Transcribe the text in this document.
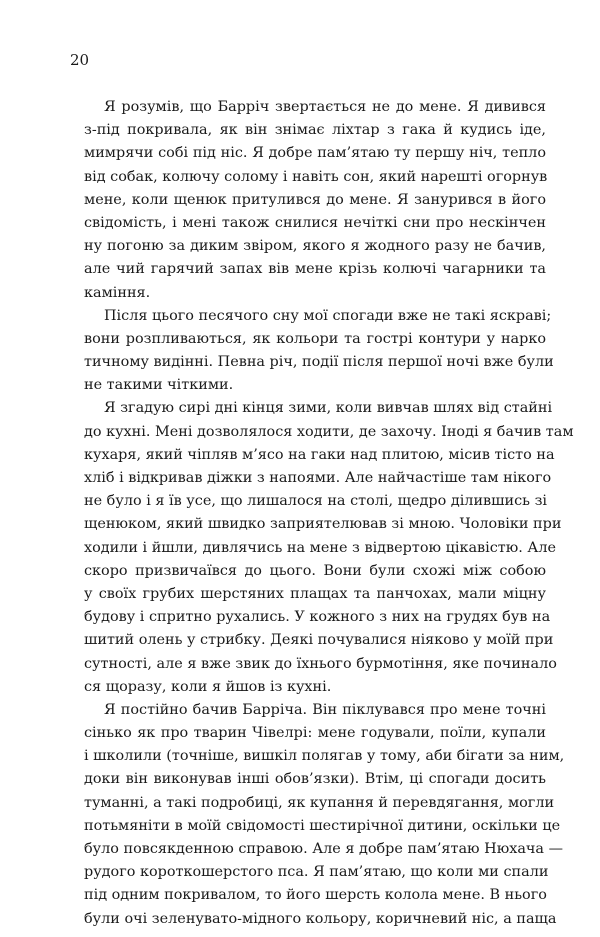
20
Я розумів, що Барріч звертається не до мене. Я дивився
з-під покривала, як він знімає ліхтар з гака й кудись іде,
мимрячи собі під ніс. Я добре пам’ятаю ту першу ніч, тепло
від собак, колючу солому і навіть сон, який нарешті огорнув
мене, коли щенюк притулився до мене. Я занурився в його
свідомість, і мені також снилися нечіткі сни про нескінчен
ну погоню за диким звіром, якого я жодного разу не бачив,
але чий гарячий запах вів мене крізь колючі чагарники та
каміння.
Після цього песячого сну мої спогади вже не такі яскраві;
вони розпливаються, як кольори та гострі контури у нарко
тичному видінні. Певна річ, події після першої ночі вже були
не такими чіткими.
Я згадую сирі дні кінця зими, коли вивчав шлях від стайні
до кухні. Мені дозволялося ходити, де захочу. Іноді я бачив там
кухаря, який чіпляв м’ясо на гаки над плитою, місив тісто на
хліб і відкривав діжки з напоями. Але найчастіше там нікого
не було і я їв усе, що лишалося на столі, щедро ділившись зі
щенюком, який швидко заприятелював зі мною. Чоловіки при
ходили і йшли, дивлячись на мене з відвертою цікавістю. Але
скоро призвичаївся до цього. Вони були схожі між собою
у своїх грубих шерстяних плащах та панчохах, мали міцну
будову і спритно рухались. У кожного з них на грудях був на
шитий олень у стрибку. Деякі почувалися ніяково у моїй при
сутності, але я вже звик до їхнього бурмотіння, яке починало
ся щоразу, коли я йшов із кухні.
Я постійно бачив Барріча. Він піклувався про мене точні
сінько як про тварин Чівелрі: мене годували, поїли, купали
і школили (точніше, вишкіл полягав у тому, аби бігати за ним,
доки він виконував інші обов’язки). Втім, ці спогади досить
туманні, а такі подробиці, як купання й перевдягання, могли
потьмяніти в моїй свідомості шестирічної дитини, оскільки це
було повсякденною справою. Але я добре пам’ятаю Нюхача —
рудого короткошерстого пса. Я пам’ятаю, що коли ми спали
під одним покривалом, то його шерсть колола мене. В нього
були очі зеленувато-мідного кольору, коричневий ніс, а паща
